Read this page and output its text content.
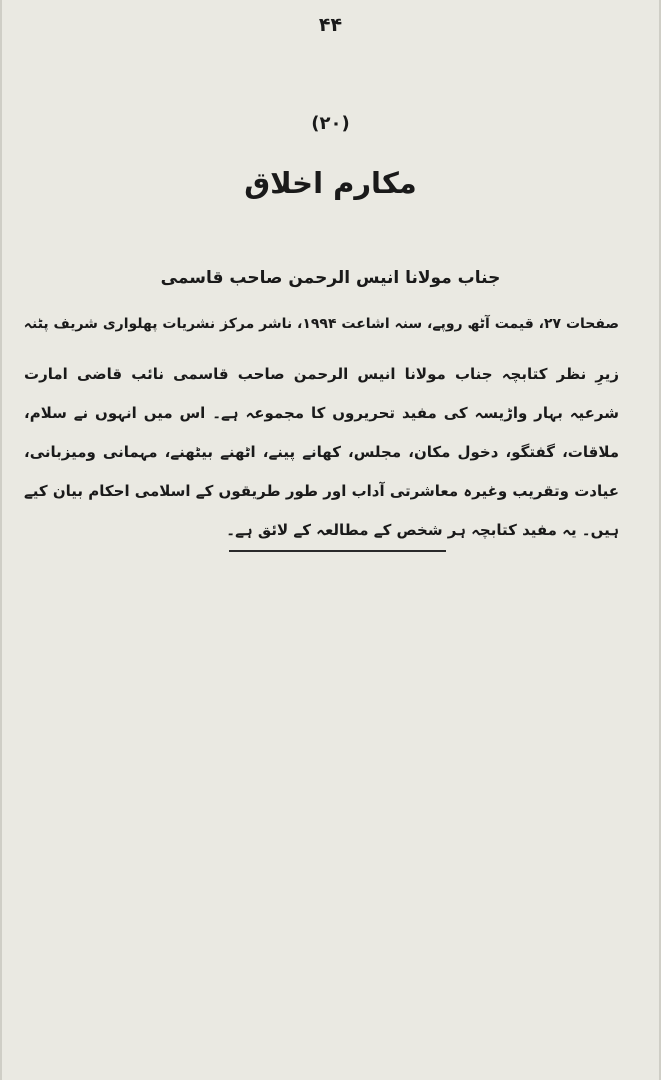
۴۴
(۲۰)
مکارم اخلاق
جناب مولانا انیس الرحمن صاحب قاسمی
صفحات ۲۷، قیمت آٹھ روپے، سنہ اشاعت ۱۹۹۴، ناشر مرکز نشریات پھلواری شریف پٹنہ
زیرِ نظر کتابچہ جناب مولانا انیس الرحمن صاحب قاسمی نائب قاضی امارت شرعیہ بہار واڑیسہ کی مفید تحریروں کا مجموعہ ہے۔ اس میں انہوں نے سلام، ملاقات، گفتگو، دخول مکان، مجلس، کھانے پینے، اٹھنے بیٹھنے، مہمانی ومیزبانی، عیادت وتقریب وغیرہ معاشرتی آداب اور طور طریقوں کے اسلامی احکام بیان کیے ہیں۔ یہ مفید کتابچہ ہر شخص کے مطالعہ کے لائق ہے۔
